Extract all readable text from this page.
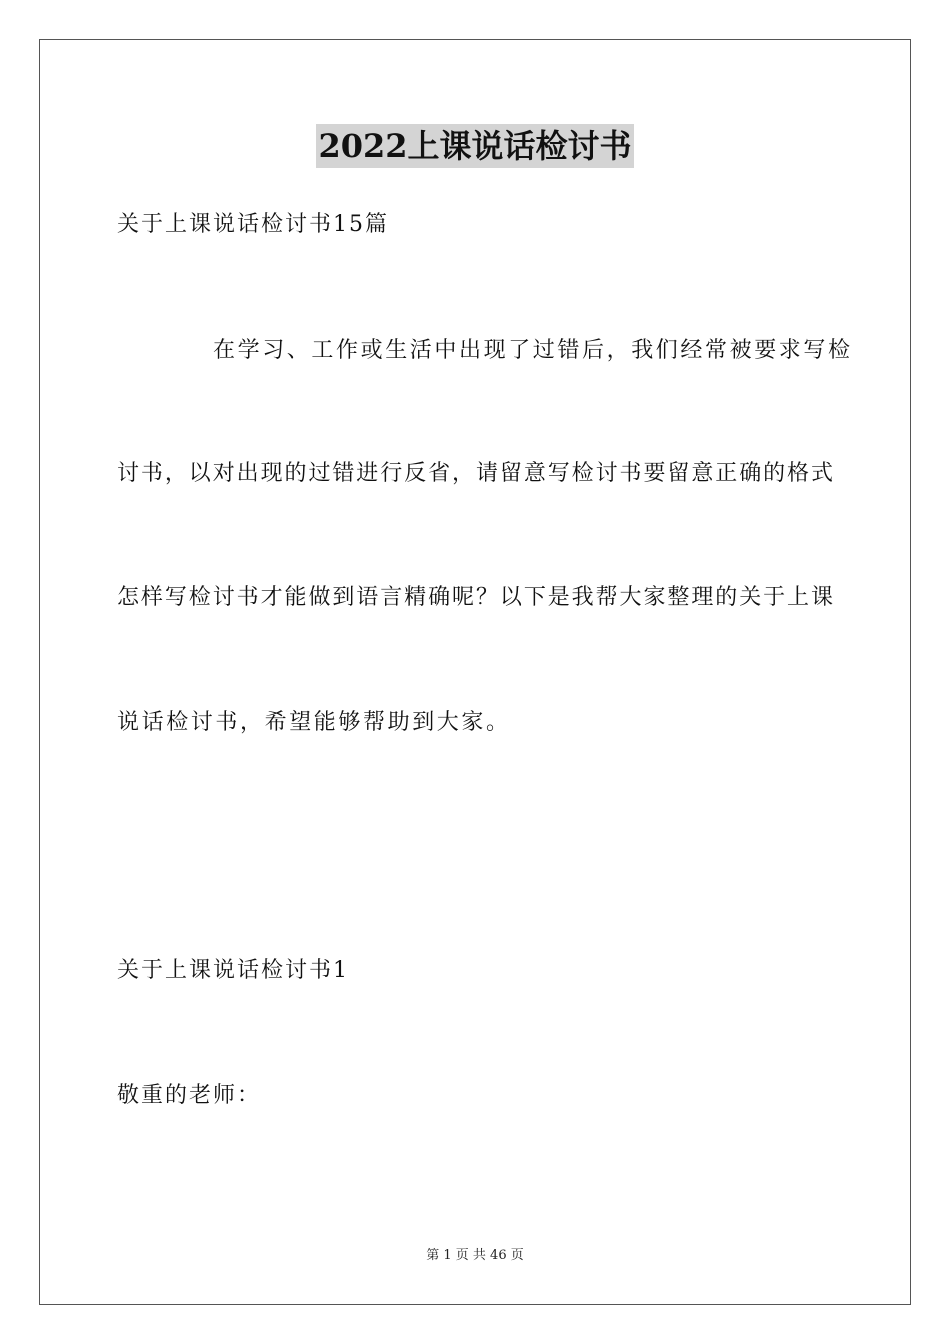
2022上课说话检讨书
关于上课说话检讨书15篇
在学习、工作或生活中出现了过错后，我们经常被要求写检
讨书，以对出现的过错进行反省，请留意写检讨书要留意正确的格式
怎样写检讨书才能做到语言精确呢？以下是我帮大家整理的关于上课
说话检讨书，希望能够帮助到大家。
关于上课说话检讨书1
敬重的老师：
第 1 页 共 46 页
